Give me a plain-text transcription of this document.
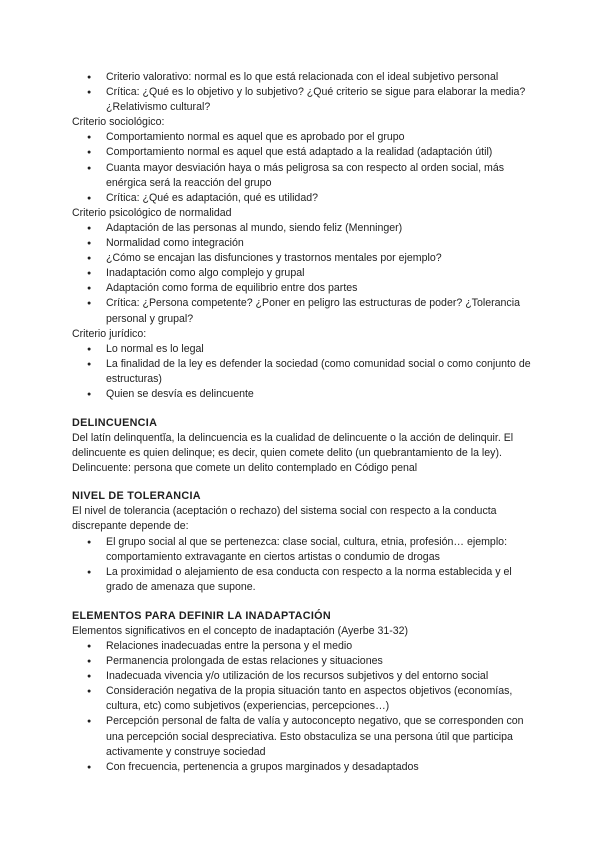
● Criterio valorativo: normal es lo que está relacionada con el ideal subjetivo personal
● Crítica: ¿Qué es lo objetivo y lo subjetivo? ¿Qué criterio se sigue para elaborar la media? ¿Relativismo cultural?

Criterio sociológico:

● Comportamiento normal es aquel que es aprobado por el grupo
● Comportamiento normal es aquel que está adaptado a la realidad (adaptación útil)
● Cuanta mayor desviación haya o más peligrosa sa con respecto al orden social, más enérgica será la reacción del grupo
● Crítica: ¿Qué es adaptación, qué es utilidad?

Criterio psicológico de normalidad

● Adaptación de las personas al mundo, siendo feliz (Menninger)
● Normalidad como integración
● ¿Cómo se encajan las disfunciones y trastornos mentales por ejemplo?
● Inadaptación como algo complejo y grupal
● Adaptación como forma de equilibrio entre dos partes
● Crítica: ¿Persona competente? ¿Poner en peligro las estructuras de poder? ¿Tolerancia personal y grupal?

Criterio jurídico:

● Lo normal es lo legal
● La finalidad de la ley es defender la sociedad (como comunidad social o como conjunto de estructuras)
● Quien se desvía es delincuente
DELINCUENCIA

Del latín delinquentĭa, la delincuencia es la cualidad de delincuente o la acción de delinquir. El delincuente es quien delinque; es decir, quien comete delito (un quebrantamiento de la ley).

Delincuente: persona que comete un delito contemplado en Código penal

NIVEL DE TOLERANCIA

El nivel de tolerancia (aceptación o rechazo) del sistema social con respecto a la conducta discrepante depende de:

● El grupo social al que se pertenezca: clase social, cultura, etnia, profesión… ejemplo: comportamiento extravagante en ciertos artistas o condumio de drogas
● La proximidad o alejamiento de esa conducta con respecto a la norma establecida y el grado de amenaza que supone.
ELEMENTOS PARA DEFINIR LA INADAPTACIÓN

Elementos significativos en el concepto de inadaptación (Ayerbe 31-32)

● Relaciones inadecuadas entre la persona y el medio
● Permanencia prolongada de estas relaciones y situaciones
● Inadecuada vivencia y/o utilización de los recursos subjetivos y del entorno social
● Consideración negativa de la propia situación tanto en aspectos objetivos (economías, cultura, etc) como subjetivos (experiencias, percepciones…)
● Percepción personal de falta de valía y autoconcepto negativo, que se corresponden con una percepción social despreciativa. Esto obstaculiza se una persona útil que participa activamente y construye sociedad
● Con frecuencia, pertenencia a grupos marginados y desadaptados
